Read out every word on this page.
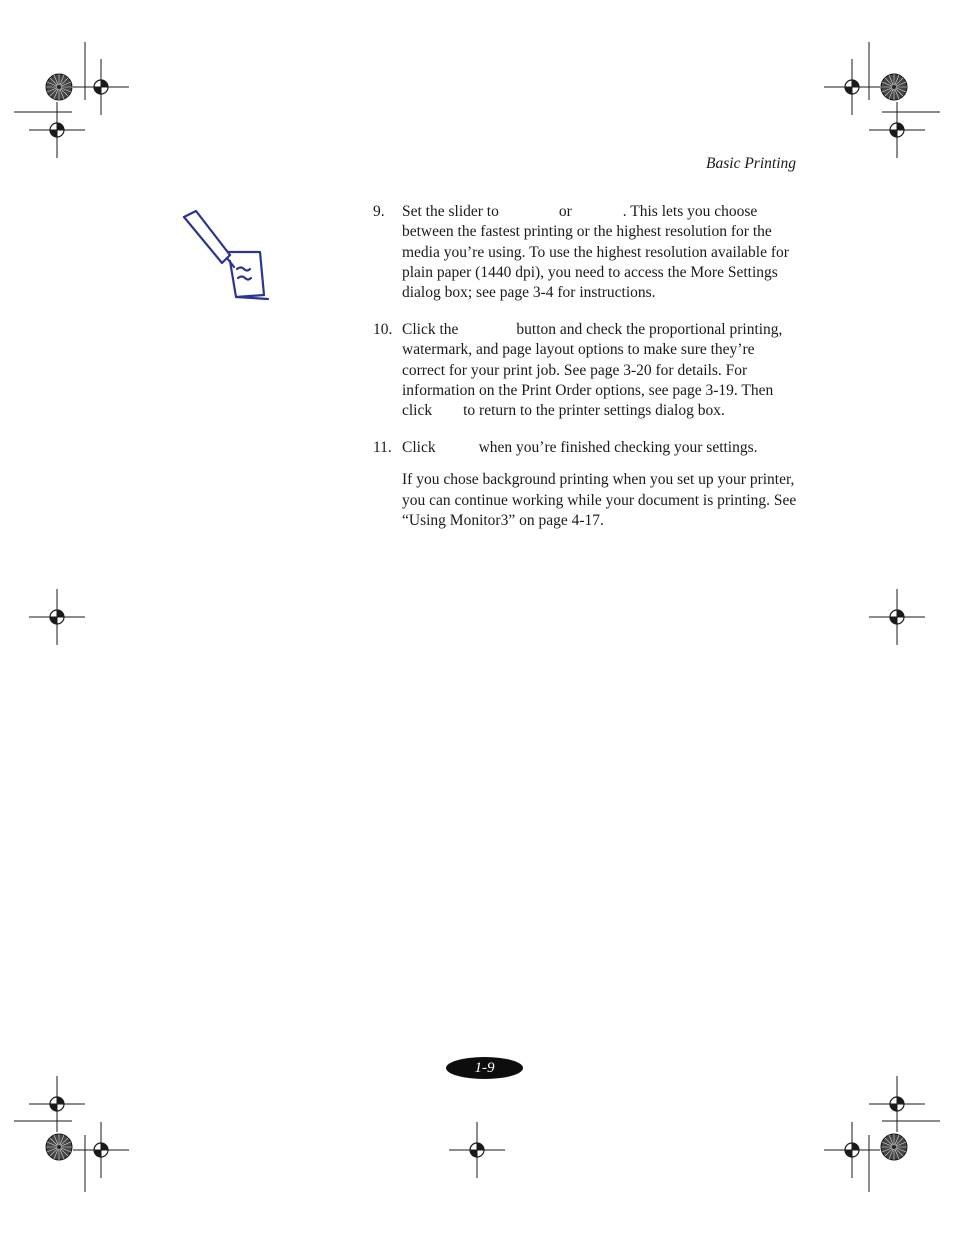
Basic Printing
9.	Set the slider to	or	. This lets you choose between the fastest printing or the highest resolution for the media you’re using. To use the highest resolution available for plain paper (1440 dpi), you need to access the More Settings dialog box; see page 3-4 for instructions.

10. Click the	button and check the proportional printing, watermark, and page layout options to make sure they’re correct for your print job. See page 3-20 for details. For information on the Print Order options, see page 3-19. Then click to return to the printer settings dialog box.

11. Click	when you’re finished checking your settings.

If you chose background printing when you set up your printer, you can continue working while your document is printing. See “Using Monitor3” on page 4-17.

1-9
